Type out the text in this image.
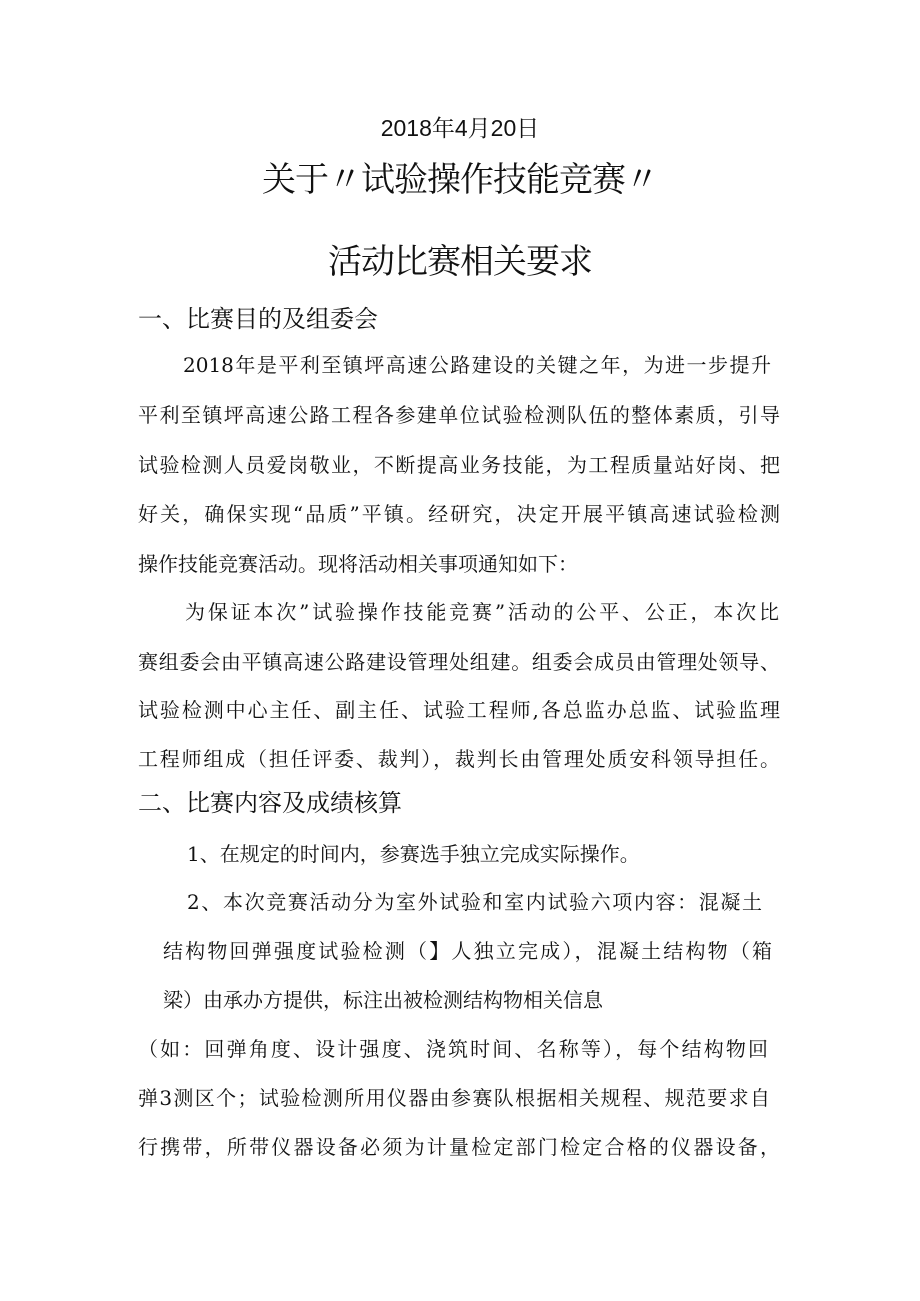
2018年4月20日
关于〃试验操作技能竞赛〃
活动比赛相关要求
一、比赛目的及组委会
2018年是平利至镇坪高速公路建设的关键之年，为进一步提升
平利至镇坪高速公路工程各参建单位试验检测队伍的整体素质，引导
试验检测人员爱岗敬业，不断提高业务技能，为工程质量站好岗、把
好关，确保实现“品质”平镇。经研究，决定开展平镇高速试验检测
操作技能竞赛活动。现将活动相关事项通知如下：
为保证本次”试验操作技能竞赛”活动的公平、公正，本次比
赛组委会由平镇高速公路建设管理处组建。组委会成员由管理处领导、
试验检测中心主任、副主任、试验工程师,各总监办总监、试验监理
工程师组成（担任评委、裁判），裁判长由管理处质安科领导担任。
二、比赛内容及成绩核算
1、在规定的时间内，参赛选手独立完成实际操作。
2、本次竞赛活动分为室外试验和室内试验六项内容：混凝土
结构物回弹强度试验检测（】人独立完成），混凝土结构物（箱
梁）由承办方提供，标注出被检测结构物相关信息
（如：回弹角度、设计强度、浇筑时间、名称等），每个结构物回
弹3测区个；试验检测所用仪器由参赛队根据相关规程、规范要求自
行携带，所带仪器设备必须为计量检定部门检定合格的仪器设备，
